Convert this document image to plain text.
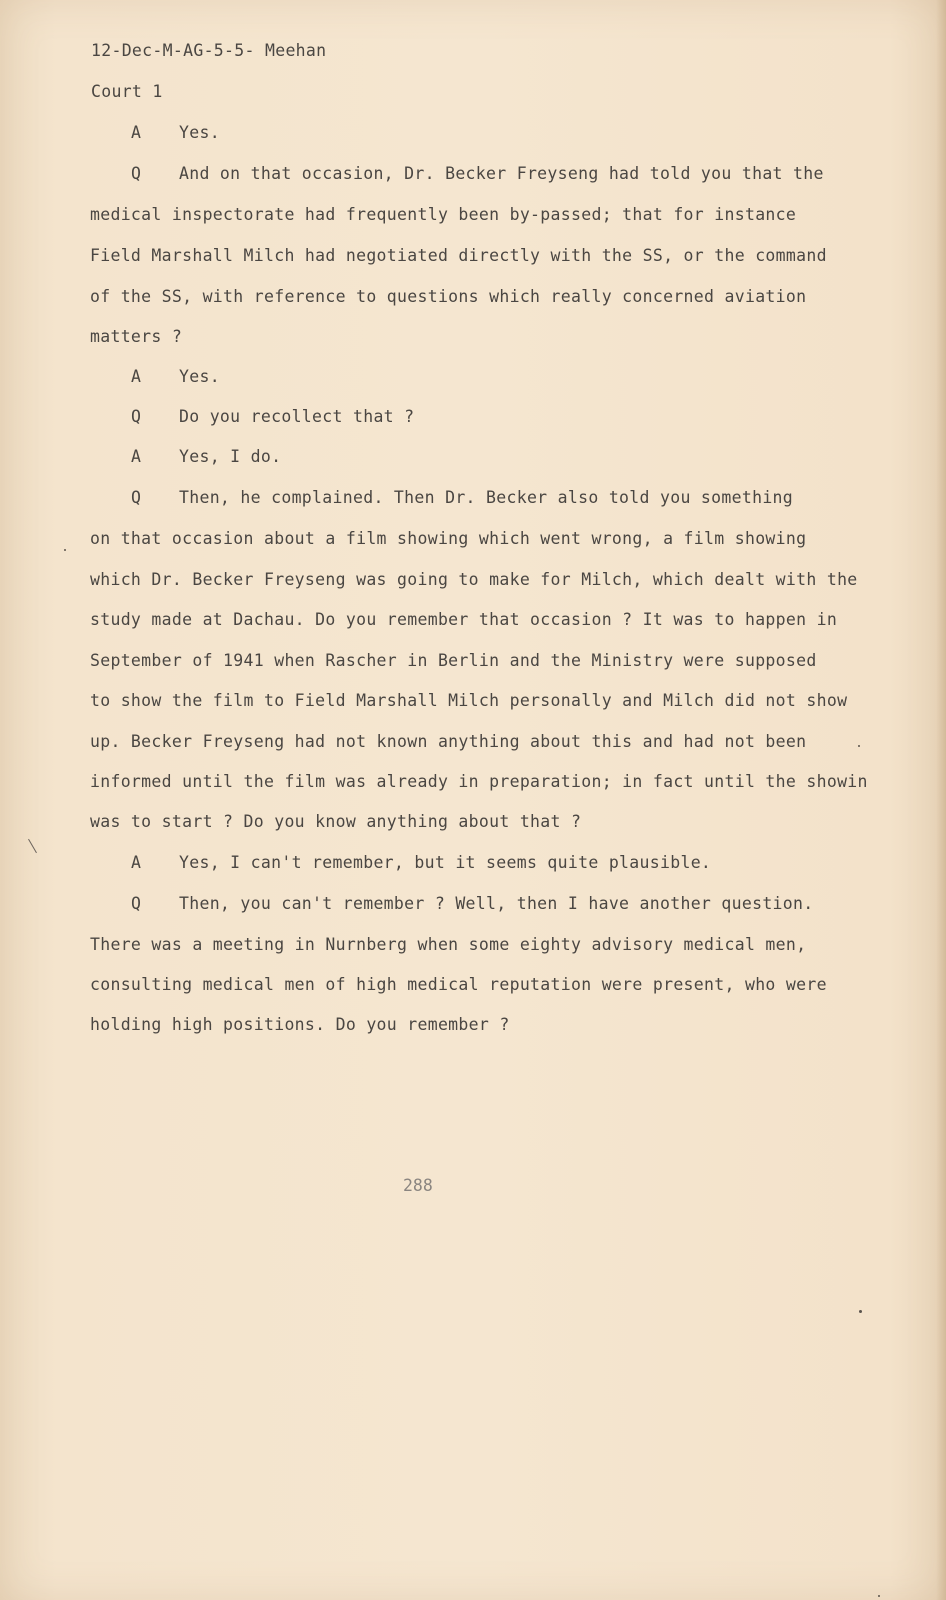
12-Dec-M-AG-5-5- Meehan
Court 1
A Yes.
Q And on that occasion, Dr. Becker Freyseng had told you that the
medical inspectorate had frequently been by-passed; that for instance
Field Marshall Milch had negotiated directly with the SS, or the command
of the SS, with reference to questions which really concerned aviation
matters ?
A Yes.
Q Do you recollect that ?
A Yes, I do.
Q Then, he complained. Then Dr. Becker also told you something
on that occasion about a film showing which went wrong, a film showing
which Dr. Becker Freyseng was going to make for Milch, which dealt with the
study made at Dachau. Do you remember that occasion ? It was to happen in
September of 1941 when Rascher in Berlin and the Ministry were supposed
to show the film to Field Marshall Milch personally and Milch did not show
up. Becker Freyseng had not known anything about this and had not been
informed until the film was already in preparation; in fact until the showin
was to start ? Do you know anything about that ?
A Yes, I can't remember, but it seems quite plausible.
Q Then, you can't remember ? Well, then I have another question.
There was a meeting in Nurnberg when some eighty advisory medical men,
consulting medical men of high medical reputation were present, who were
holding high positions. Do you remember ?
288
